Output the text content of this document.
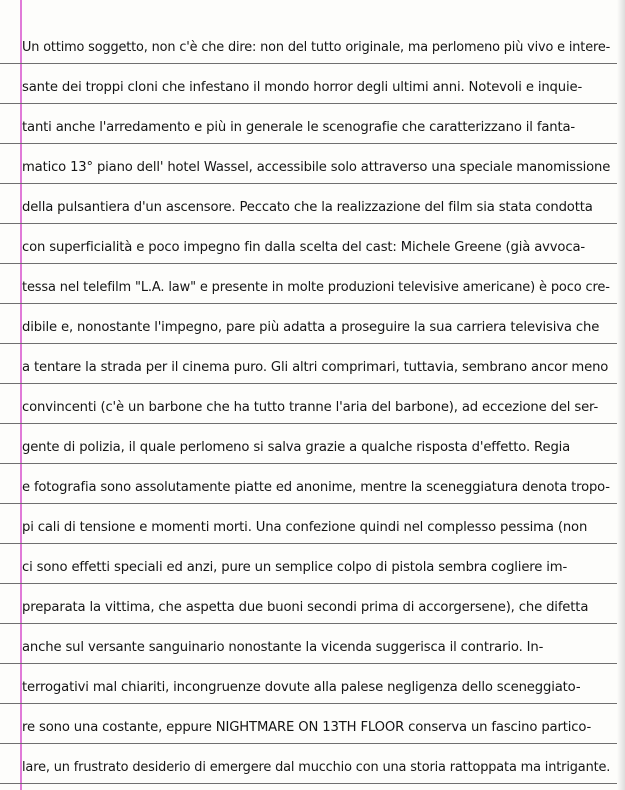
Un ottimo soggetto, non c'è che dire: non del tutto originale, ma perlomeno più vivo e intere-
sante dei troppi cloni che infestano il mondo horror degli ultimi anni. Notevoli e inquie-
tanti anche l'arredamento e più in generale le scenografie che caratterizzano il fanta-
matico 13° piano dell' hotel Wassel, accessibile solo attraverso una speciale manomissione
della pulsantiera d'un ascensore. Peccato che la realizzazione del film sia stata condotta
con superficialità e poco impegno fin dalla scelta del cast: Michele Greene (già avvoca-
tessa nel telefilm "L.A. law" e presente in molte produzioni televisive americane) è poco cre-
dibile e, nonostante l'impegno, pare più adatta a proseguire la sua carriera televisiva che
a tentare la strada per il cinema puro. Gli altri comprimari, tuttavia, sembrano ancor meno
convincenti (c'è un barbone che ha tutto tranne l'aria del barbone), ad eccezione del ser-
gente di polizia, il quale perlomeno si salva grazie a qualche risposta d'effetto. Regia
e fotografia sono assolutamente piatte ed anonime, mentre la sceneggiatura denota tropo-
pi cali di tensione e momenti morti. Una confezione quindi nel complesso pessima (non
ci sono effetti speciali ed anzi, pure un semplice colpo di pistola sembra cogliere im-
preparata la vittima, che aspetta due buoni secondi prima di accorgersene), che difetta
anche sul versante sanguinario nonostante la vicenda suggerisca il contrario. In-
terrogativi mal chiariti, incongruenze dovute alla palese negligenza dello sceneggiato-
re sono una costante, eppure NIGHTMARE ON 13TH FLOOR conserva un fascino partico-
lare, un frustrato desiderio di emergere dal mucchio con una storia rattoppata ma intrigante.
